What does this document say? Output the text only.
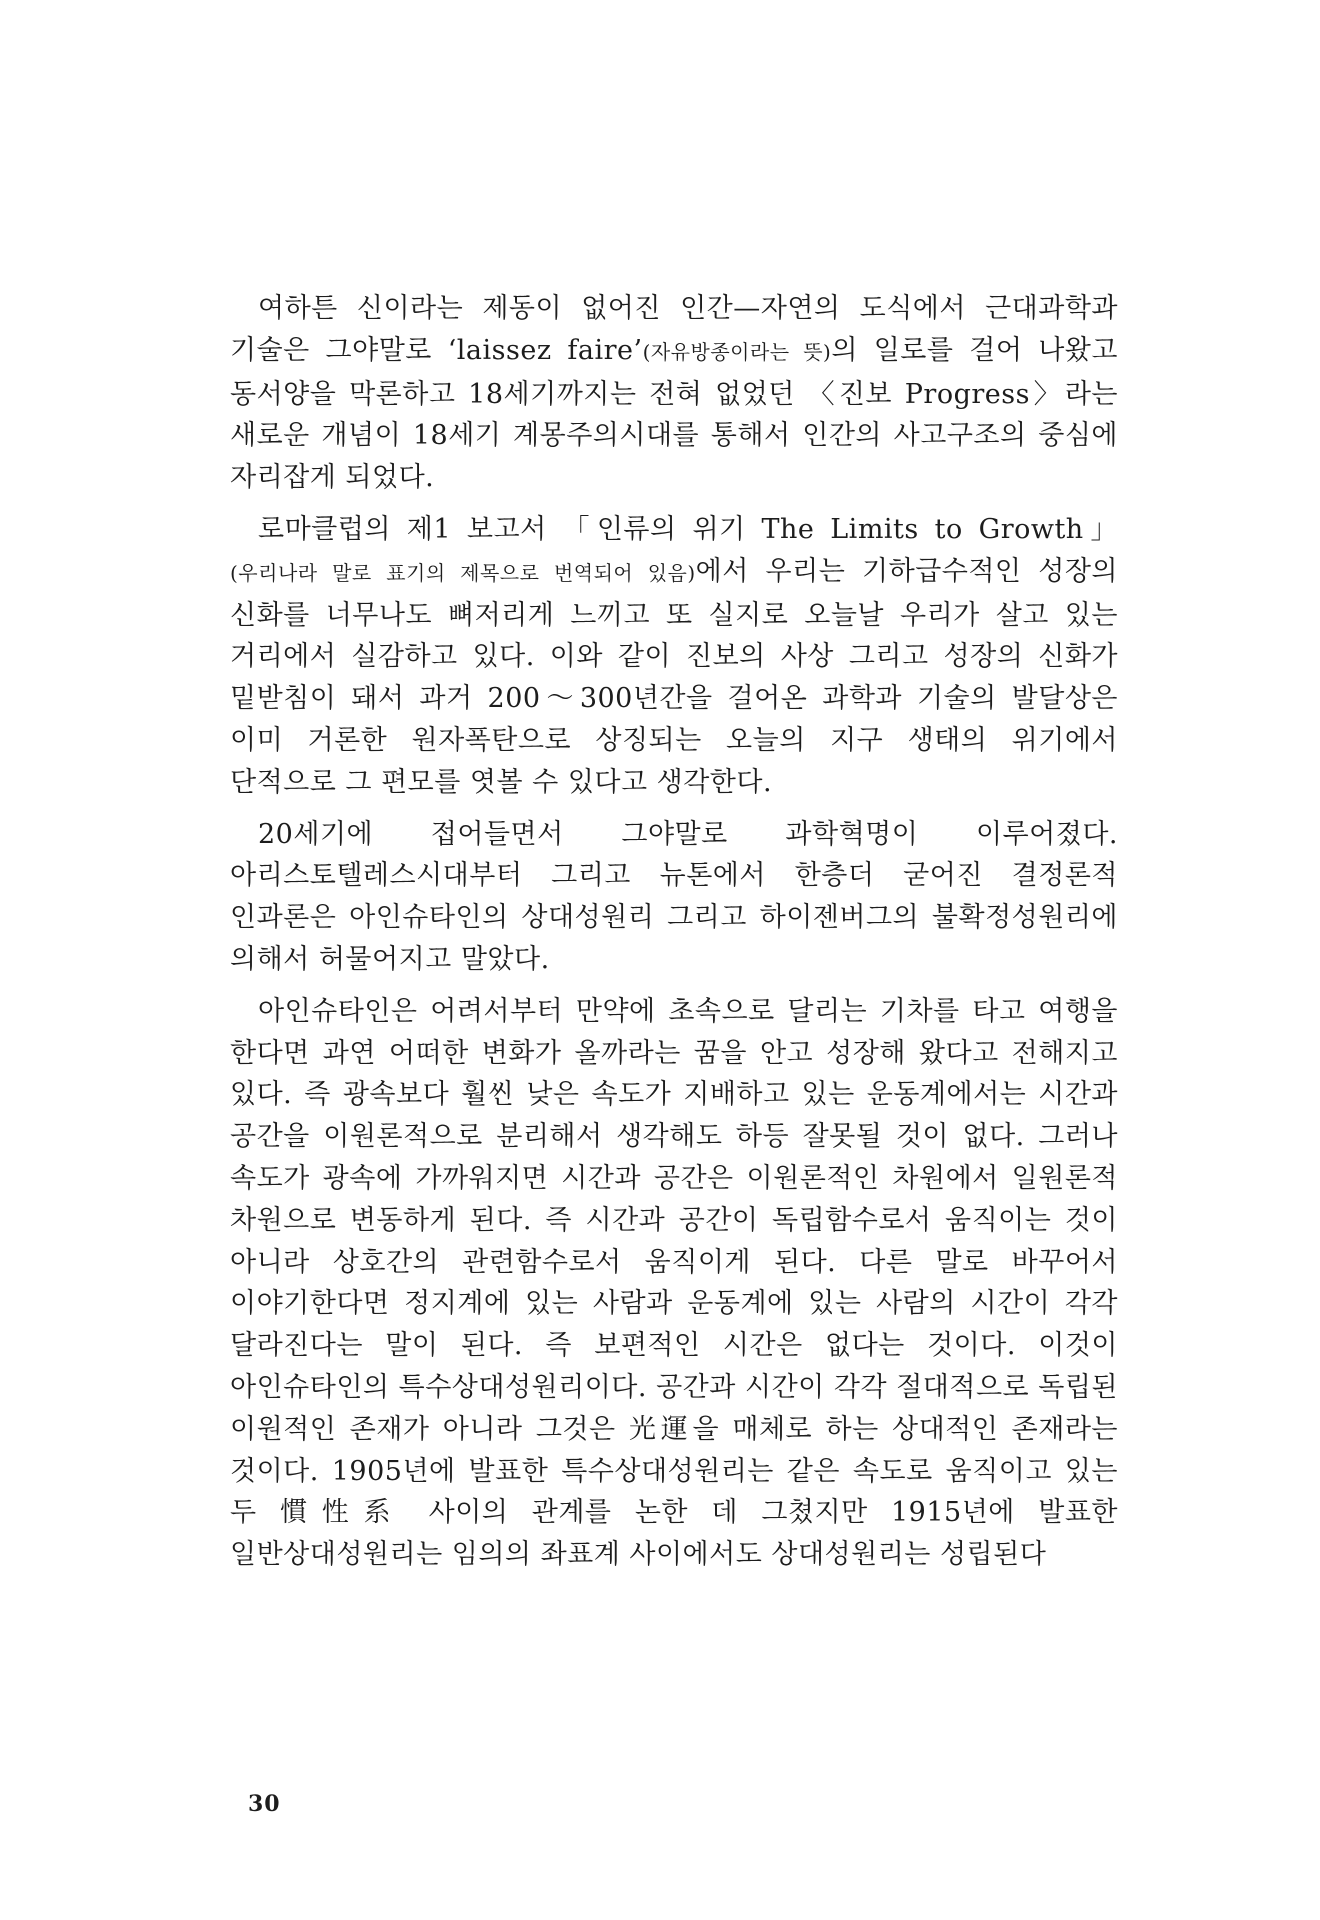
여하튼 신이라는 제동이 없어진 인간—자연의 도식에서 근대과학과 기술은 그야말로 ‘laissez faire’(자유방종이라는 뜻)의 일로를 걸어 나왔고 동서양을 막론하고 18세기까지는 전혀 없었던 〈진보 Progress〉라는 새로운 개념이 18세기 계몽주의시대를 통해서 인간의 사고구조의 중심에 자리잡게 되었다.

로마클럽의 제1 보고서 「인류의 위기 The Limits to Growth」(우리나라 말로 표기의 제목으로 번역되어 있음)에서 우리는 기하급수적인 성장의 신화를 너무나도 뼈저리게 느끼고 또 실지로 오늘날 우리가 살고 있는 거리에서 실감하고 있다. 이와 같이 진보의 사상 그리고 성장의 신화가 밑받침이 돼서 과거 200～300년간을 걸어온 과학과 기술의 발달상은 이미 거론한 원자폭탄으로 상징되는 오늘의 지구 생태의 위기에서 단적으로 그 편모를 엿볼 수 있다고 생각한다.

20세기에 접어들면서 그야말로 과학혁명이 이루어졌다. 아리스토텔레스시대부터 그리고 뉴톤에서 한층더 굳어진 결정론적 인과론은 아인슈타인의 상대성원리 그리고 하이젠버그의 불확정성원리에 의해서 허물어지고 말았다.

아인슈타인은 어려서부터 만약에 초속으로 달리는 기차를 타고 여행을 한다면 과연 어떠한 변화가 올까라는 꿈을 안고 성장해 왔다고 전해지고 있다. 즉 광속보다 훨씬 낮은 속도가 지배하고 있는 운동계에서는 시간과 공간을 이원론적으로 분리해서 생각해도 하등 잘못될 것이 없다. 그러나 속도가 광속에 가까워지면 시간과 공간은 이원론적인 차원에서 일원론적 차원으로 변동하게 된다. 즉 시간과 공간이 독립함수로서 움직이는 것이 아니라 상호간의 관련함수로서 움직이게 된다. 다른 말로 바꾸어서 이야기한다면 정지계에 있는 사람과 운동계에 있는 사람의 시간이 각각 달라진다는 말이 된다. 즉 보편적인 시간은 없다는 것이다. 이것이 아인슈타인의 특수상대성원리이다. 공간과 시간이 각각 절대적으로 독립된 이원적인 존재가 아니라 그것은 光運을 매체로 하는 상대적인 존재라는 것이다. 1905년에 발표한 특수상대성원리는 같은 속도로 움직이고 있는 두 慣性系 사이의 관계를 논한 데 그쳤지만 1915년에 발표한 일반상대성원리는 임의의 좌표계 사이에서도 상대성원리는 성립된다

30
